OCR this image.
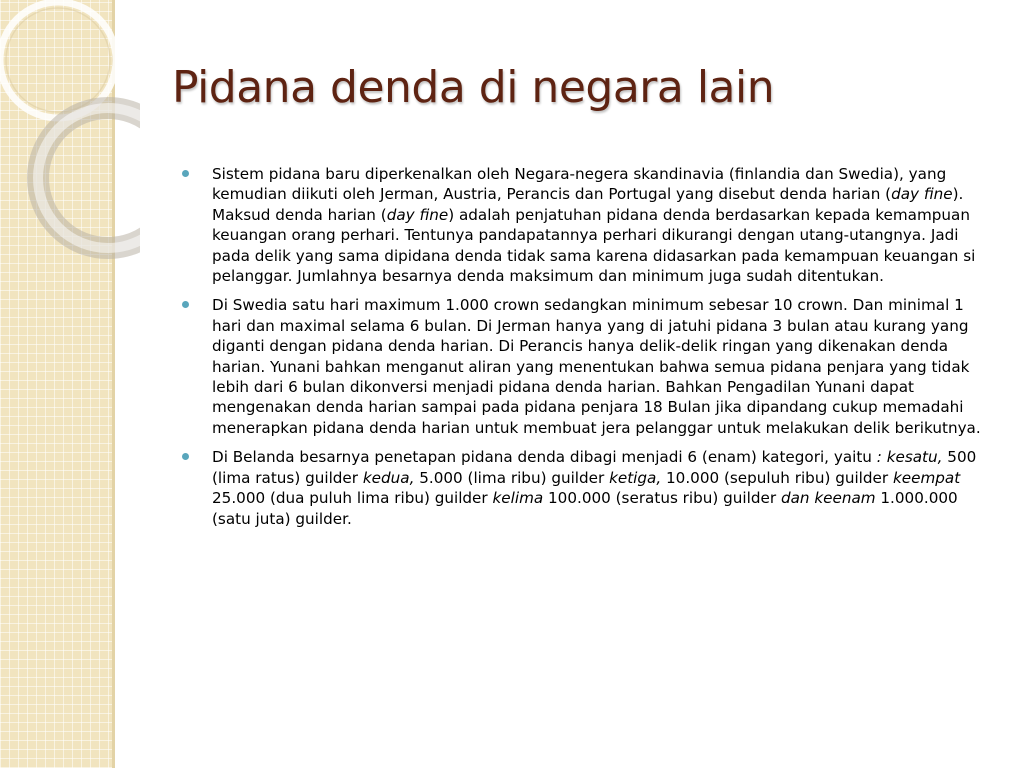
Pidana denda di negara lain
Sistem pidana baru diperkenalkan oleh Negara-negera skandinavia (finlandia dan Swedia), yang kemudian diikuti oleh Jerman, Austria, Perancis dan Portugal yang disebut denda harian (day fine). Maksud denda harian (day fine) adalah penjatuhan pidana denda berdasarkan kepada kemampuan keuangan orang perhari. Tentunya pandapatannya perhari dikurangi dengan utang-utangnya. Jadi pada delik yang sama dipidana denda tidak sama karena didasarkan pada kemampuan keuangan si pelanggar. Jumlahnya besarnya denda maksimum dan minimum juga sudah ditentukan.
Di Swedia satu hari maximum 1.000 crown sedangkan minimum sebesar 10 crown. Dan minimal 1 hari dan maximal selama 6 bulan. Di Jerman hanya yang di jatuhi pidana 3 bulan atau kurang yang diganti dengan pidana denda harian. Di Perancis hanya delik-delik ringan yang dikenakan denda harian. Yunani bahkan menganut aliran yang menentukan bahwa semua pidana penjara yang tidak lebih dari 6 bulan dikonversi menjadi pidana denda harian. Bahkan Pengadilan Yunani dapat mengenakan denda harian sampai pada pidana penjara 18 Bulan jika dipandang cukup memadahi menerapkan pidana denda harian untuk membuat jera pelanggar untuk melakukan delik berikutnya.
Di Belanda besarnya penetapan pidana denda dibagi menjadi 6 (enam) kategori, yaitu : kesatu, 500 (lima ratus) guilder kedua, 5.000 (lima ribu) guilder ketiga, 10.000 (sepuluh ribu) guilder keempat 25.000 (dua puluh lima ribu) guilder kelima 100.000 (seratus ribu) guilder dan keenam 1.000.000 (satu juta) guilder.
